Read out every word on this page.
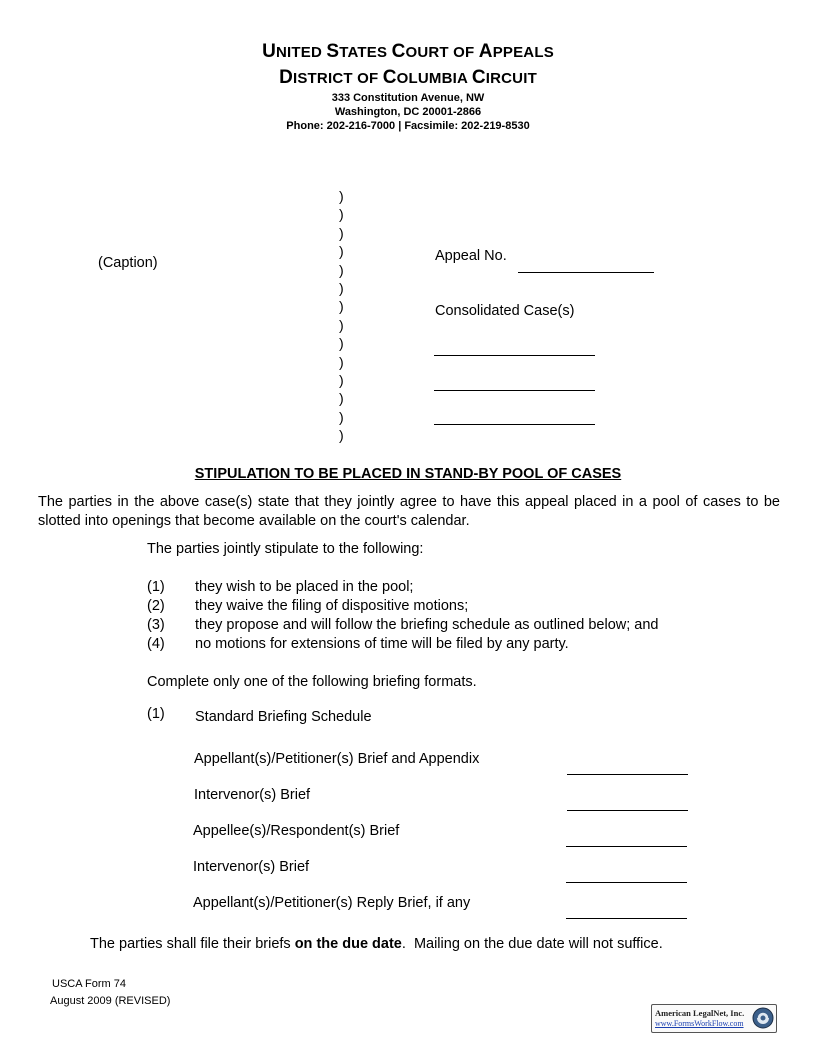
UNITED STATES COURT OF APPEALS
DISTRICT OF COLUMBIA CIRCUIT
333 Constitution Avenue, NW
Washington, DC 20001-2866
Phone: 202-216-7000 | Facsimile: 202-219-8530
(Caption)
)
)
)
)
)
)
)
)
)
)
)
)
)
)
Appeal No.
Consolidated Case(s)
STIPULATION TO BE PLACED IN STAND-BY POOL OF CASES
The parties in the above case(s) state that they jointly agree to have this appeal placed in a pool of cases to be slotted into openings that become available on the court's calendar.
The parties jointly stipulate to the following:
(1) they wish to be placed in the pool;
(2) they waive the filing of dispositive motions;
(3) they propose and will follow the briefing schedule as outlined below; and
(4) no motions for extensions of time will be filed by any party.
Complete only one of the following briefing formats.
(1) Standard Briefing Schedule
Appellant(s)/Petitioner(s) Brief and Appendix
Intervenor(s) Brief
Appellee(s)/Respondent(s) Brief
Intervenor(s) Brief
Appellant(s)/Petitioner(s) Reply Brief, if any
The parties shall file their briefs on the due date.  Mailing on the due date will not suffice.
USCA Form 74
August 2009 (REVISED)
American LegalNet, Inc.
www.FormsWorkFlow.com
